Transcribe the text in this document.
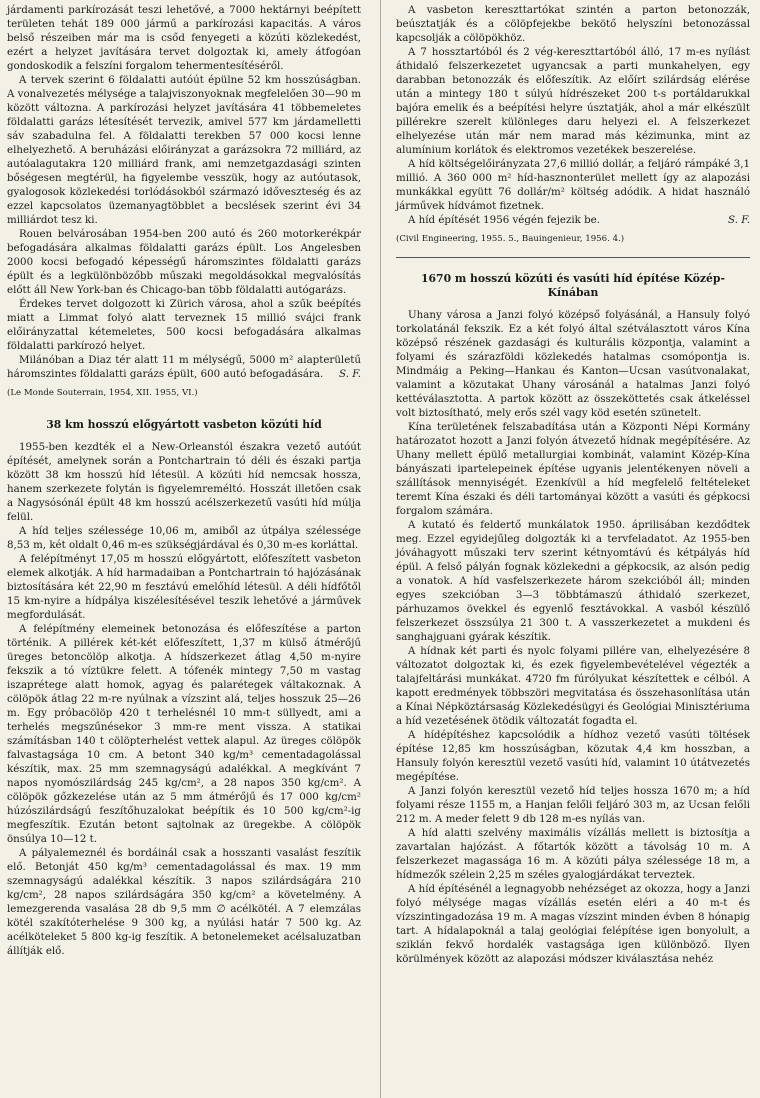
járdamenti parkírozását teszi lehetővé, a 7000 hektárnyi beépített területen tehát 189 000 jármű a parkírozási kapacitás. A város belső részeiben már ma is csőd fenyegeti a közúti közlekedést, ezért a helyzet javítására tervet dolgoztak ki, amely átfogóan gondoskodik a felszíni forgalom tehermentesítéséről.

A tervek szerint 6 földalatti autóút épülne 52 km hosszúságban. A vonalvezetés mélysége a talajviszonyoknak megfelelően 30—90 m között változna. A parkírozási helyzet javítására 41 többemeletes földalatti garázs létesítését tervezik, amivel 577 km járdamelletti sáv szabadulna fel. A földalatti terekben 57 000 kocsi lenne elhelyezhető. A beruházási előirányzat a garázsokra 72 milliárd, az autóalagutakra 120 milliárd frank, ami nemzetgazdasági szinten bőségesen megtérül, ha figyelembe vesszük, hogy az autóutasok, gyalogosok közlekedési torlódásokból származó időveszteség és az ezzel kapcsolatos üzemanyagtöbblet a becslések szerint évi 34 milliárdot tesz ki.

Rouen belvárosában 1954-ben 200 autó és 260 motorkerékpár befogadására alkalmas földalatti garázs épült. Los Angelesben 2000 kocsi befogadó képességű háromszintes földalatti garázs épült és a legkülönbözőbb műszaki megoldásokkal megvalósítás előtt áll New York-ban és Chicago-ban több földalatti autógarázs.

Érdekes tervet dolgozott ki Zürich városa, ahol a szűk beépítés miatt a Limmat folyó alatt terveznek 15 millió svájci frank előirányzattal kétemeletes, 500 kocsi befogadására alkalmas földalatti parkírozó helyet.

Milánóban a Diaz tér alatt 11 m mélységű, 5000 m² alapterületű háromszintes földalatti garázs épült, 600 autó befogadására.	S. F.

(Le Monde Souterrain, 1954, XII. 1955, VI.)

38 km hosszú előgyártott vasbeton közúti híd

1955-ben kezdték el a New-Orleanstól északra vezető autóút építését, amelynek során a Pontchartrain tó déli és északi partja között 38 km hosszú híd létesül. A közúti híd nemcsak hossza, hanem szerkezete folytán is figyelemreméltó. Hosszát illetően csak a Nagysósónál épült 48 km hosszú acélszerkezetű vasúti híd múlja felül.

A híd teljes szélessége 10,06 m, amiből az útpálya szélessége 8,53 m, két oldalt 0,46 m-es szükségjárdával és 0,30 m-es korláttal.

A felépítményt 17,05 m hosszú előgyártott, előfeszített vasbeton elemek alkotják. A híd harmadaiban a Pontchartrain tó hajózásának biztosítására két 22,90 m fesztávú emelőhíd létesül. A déli hídfőtől 15 km-nyire a hídpálya kiszélesítésével teszik lehetővé a járművek megfordulását.

A felépítmény elemeinek betonozása és előfeszítése a parton történik. A pillérek két-két előfeszített, 1,37 m külső átmérőjű üreges betoncölöp alkotja. A hídszerkezet átlag 4,50 m-nyire fekszik a tó víztükre felett. A tófenék mintegy 7,50 m vastag iszaprétege alatt homok, agyag és palarétegek váltakoznak. A cölöpök átlag 22 m-re nyúlnak a vízszint alá, teljes hosszuk 25—26 m. Egy próbacölöp 420 t terhelésnél 10 mm-t süllyedt, ami a terhelés megszűnésekor 3 mm-re ment vissza. A statikai számításban 140 t cölöpterhelést vettek alapul. Az üreges cölöpök falvastagsága 10 cm. A betont 340 kg/m³ cementadagolással készítik, max. 25 mm szemnagyságú adalékkal. A megkívánt 7 napos nyomószilárdság 245 kg/cm², a 28 napos 350 kg/cm². A cölöpök gőzkezelése után az 5 mm átmérőjű és 17 000 kg/cm² húzószilárdságú feszítőhuzalokat beépítik és 10 500 kg/cm²-ig megfeszítik. Ezután betont sajtolnak az üregekbe. A cölöpök önsúlya 10—12 t.

A pályalemeznél és bordáinál csak a hosszanti vasalást feszítik elő. Betonját 450 kg/m³ cementadagolással és max. 19 mm szemnagyságú adalékkal készítik. 3 napos szilárdságára 210 kg/cm², 28 napos szilárdságára 350 kg/cm² a követelmény. A lemezgerenda vasalása 28 db 9,5 mm ∅ acélkötél. A 7 elemzálas kötél szakítóterhelése 9 300 kg, a nyúlási határ 7 500 kg. Az acélköteleket 5 800 kg-ig feszítik. A betonelemeket acélsaluzatban állítják elő.

A vasbeton kereszttartókat szintén a parton betonozzák, beúsztatják és a cölöpfejekbe bekötő helyszíni betonozással kapcsolják a cölöpökhöz.

A 7 hossztartóból és 2 vég-kereszttartóból álló, 17 m-es nyílást áthidaló felszerkezetet ugyancsak a parti munkahelyen, egy darabban betonozzák és előfeszítik. Az előírt szilárdság elérése után a mintegy 180 t súlyú hídrészeket 200 t-s portáldarukkal bajóra emelik és a beépítési helyre úsztatják, ahol a már elkészült pillérekre szerelt különleges daru helyezi el. A felszerkezet elhelyezése után már nem marad más kézimunka, mint az alumínium korlátok és elektromos vezetékek beszerelése.

A híd költségelőirányzata 27,6 millió dollár, a feljáró rámpáké 3,1 millió. A 360 000 m² híd-hasznonterület mellett így az alapozási munkákkal együtt 76 dollár/m² költség adódik. A hidat használó járművek hídvámot fizetnek.

A híd építését 1956 végén fejezik be.	S. F.

(Civil Engineering, 1955. 5., Bauingenieur, 1956. 4.)

1670 m hosszú közúti és vasúti híd építése Közép-Kínában

Uhany városa a Janzi folyó középső folyásánál, a Hansuly folyó torkolatánál fekszik. Ez a két folyó által szétválasztott város Kína középső részének gazdasági és kulturális központja, valamint a folyami és szárazföldi közlekedés hatalmas csomópontja is. Mindmáig a Peking—Hankau és Kanton—Ucsan vasútvonalakat, valamint a közutakat Uhany városánál a hatalmas Janzi folyó kettéválasztotta. A partok között az összeköttetés csak átkeléssel volt biztosítható, mely erős szél vagy köd esetén szünetelt.

Kína területének felszabadítása után a Központi Népi Kormány határozatot hozott a Janzi folyón átvezető hídnak megépítésére. Az Uhany mellett épülő metallurgiai kombinát, valamint Közép-Kína bányászati ipartelepeinek építése ugyanis jelentékenyen növeli a szállítások mennyiségét. Ezenkívül a híd megfelelő feltételeket teremt Kína északi és déli tartományai között a vasúti és gépkocsi forgalom számára.

A kutató és feldertő munkálatok 1950. áprilisában kezdődtek meg. Ezzel egyidejűleg dolgozták ki a tervfeladatot. Az 1955-ben jóváhagyott műszaki terv szerint kétnyomtávú és kétpályás híd épül. A felső pályán fognak közlekedni a gépkocsik, az alsón pedig a vonatok. A híd vasfelszerkezete három szekcióból áll; minden egyes szekcióban 3—3 többtámaszú áthidaló szerkezet, párhuzamos övekkel és egyenlő fesztávokkal. A vasból készülő felszerkezet összsúlya 21 300 t. A vasszerkezetet a mukdeni és sanghajguani gyárak készítik.

A hídnak két parti és nyolc folyami pillére van, elhelyezésére 8 változatot dolgoztak ki, és ezek figyelembevételével végezték a talajfeltárási munkákat. 4720 fm fúrólyukat készítettek e célból. A kapott eredmények többszöri megvitatása és összehasonlítása után a Kínai Népköztársaság Közlekedésügyi és Geológiai Minisztériuma a híd vezetésének ötödik változatát fogadta el.

A hídépítéshez kapcsolódik a hídhoz vezető vasúti töltések építése 12,85 km hosszúságban, közutak 4,4 km hosszban, a Hansuly folyón keresztül vezető vasúti híd, valamint 10 útátvezetés megépítése.

A Janzi folyón keresztül vezető híd teljes hossza 1670 m; a híd folyami része 1155 m, a Hanjan felőli feljáró 303 m, az Ucsan felőli 212 m. A meder felett 9 db 128 m-es nyílás van.

A híd alatti szelvény maximális vízállás mellett is biztosítja a zavartalan hajózást. A főtartók között a távolság 10 m. A felszerkezet magassága 16 m. A közúti pálya szélessége 18 m, a hídmezők szélein 2,25 m széles gyalogjárdákat terveztek.

A híd építésénél a legnagyobb nehézséget az okozza, hogy a Janzi folyó mélysége magas vízállás esetén eléri a 40 m-t és vízszintingadozása 19 m. A magas vízszint minden évben 8 hónapig tart. A hídalapoknál a talaj geológiai felépítése igen bonyolult, a sziklán fekvő hordalék vastagsága igen különböző. Ilyen körülmények között az alapozási módszer kiválasztása nehéz
